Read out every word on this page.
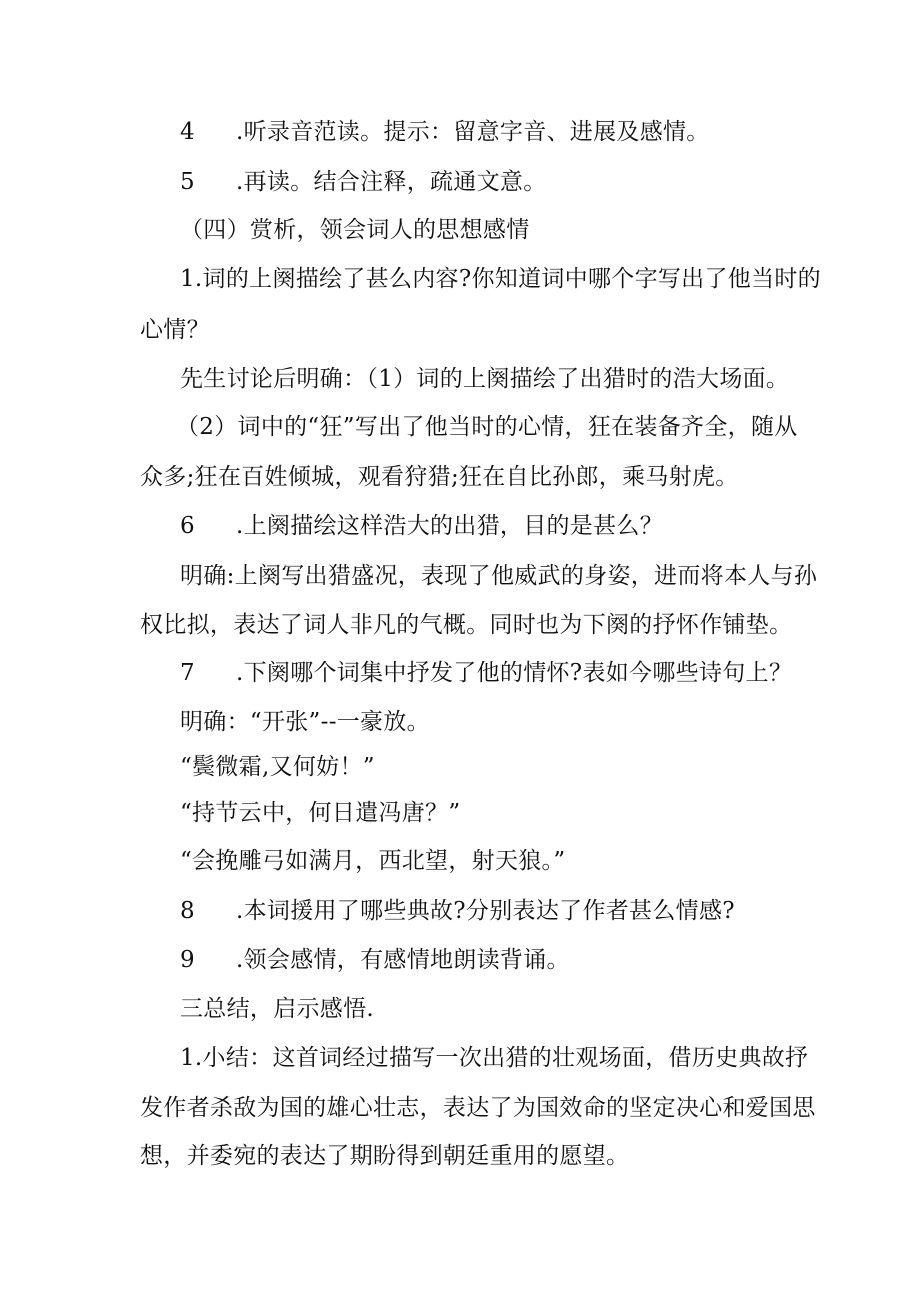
4 .听录音范读。提示：留意字音、进展及感情。
5 .再读。结合注释，疏通文意。
（四）赏析，领会词人的思想感情
1.词的上阕描绘了甚么内容?你知道词中哪个字写出了他当时的
心情？
先生讨论后明确：（1）词的上阕描绘了出猎时的浩大场面。
（2）词中的“狂”写出了他当时的心情，狂在装备齐全，随从
众多;狂在百姓倾城，观看狩猎;狂在自比孙郎，乘马射虎。
6 .上阕描绘这样浩大的出猎，目的是甚么？
明确:上阕写出猎盛况，表现了他威武的身姿，进而将本人与孙
权比拟，表达了词人非凡的气概。同时也为下阕的抒怀作铺垫。
7 .下阕哪个词集中抒发了他的情怀?表如今哪些诗句上？
明确：“开张”--一豪放。
“鬓微霜,又何妨！”
“持节云中，何日遣冯唐？”
“会挽雕弓如满月，西北望，射天狼。”
8 .本词援用了哪些典故?分别表达了作者甚么情感?
9 .领会感情，有感情地朗读背诵。
三总结，启示感悟.
1.小结：这首词经过描写一次出猎的壮观场面，借历史典故抒
发作者杀敌为国的雄心壮志，表达了为国效命的坚定决心和爱国思
想，并委宛的表达了期盼得到朝廷重用的愿望。
